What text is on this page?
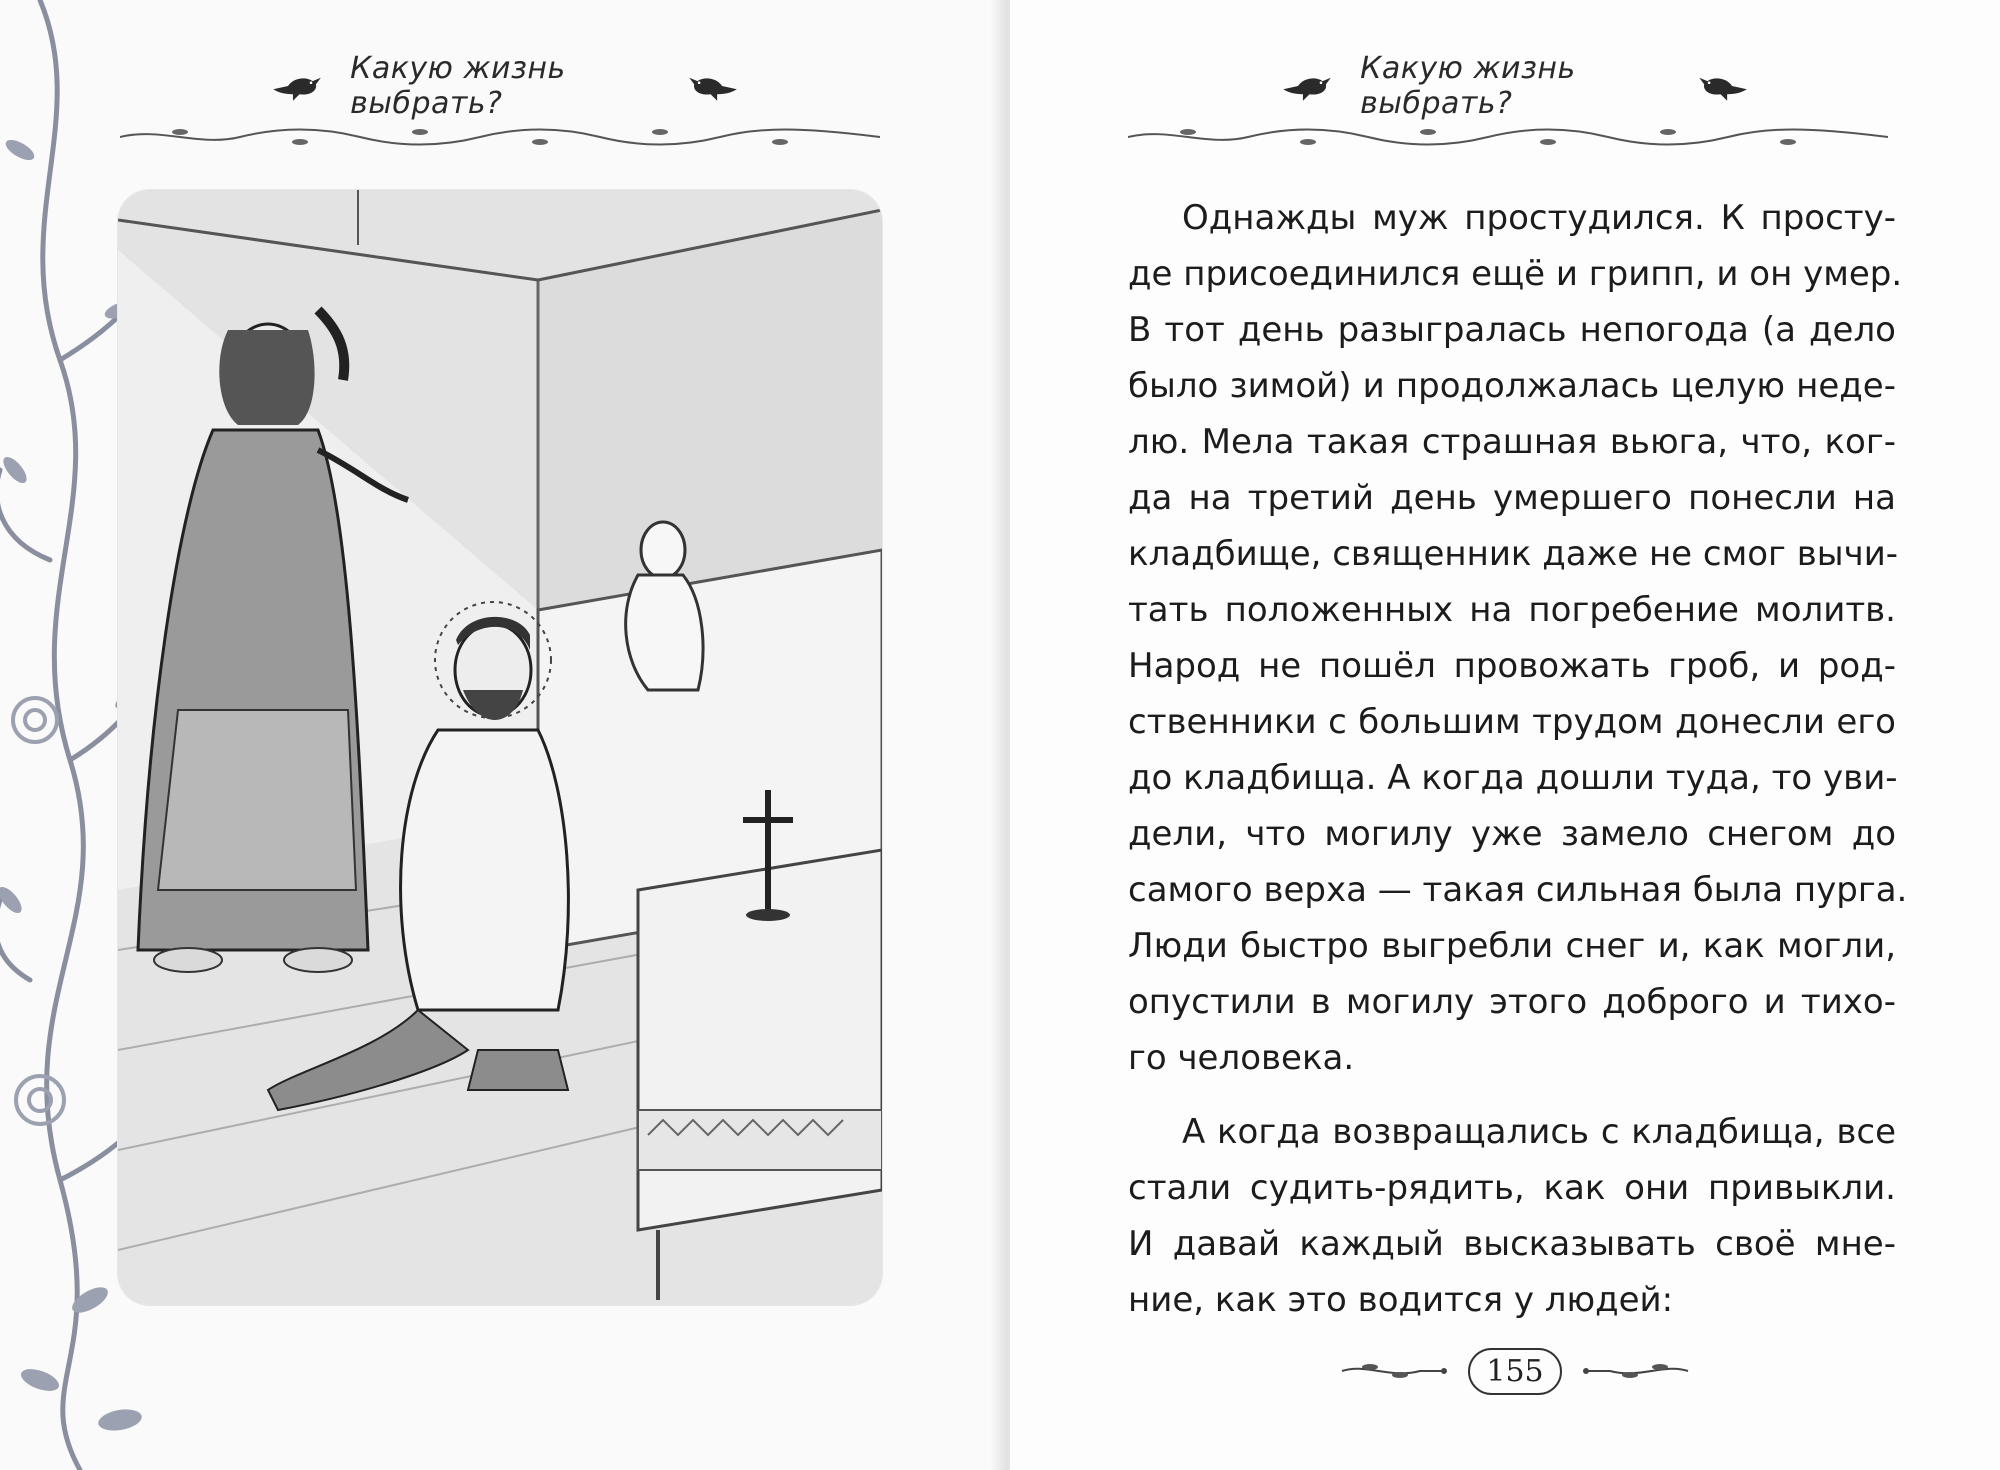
Какую жизнь выбрать?
Какую жизнь выбрать?

Однажды муж простудился. К просту-
де присоединился ещё и грипп, и он умер.
В тот день разыгралась непогода (а дело
было зимой) и продолжалась целую неде-
лю. Мела такая страшная вьюга, что, ког-
да на третий день умершего понесли на
кладбище, священник даже не смог вычи-
тать положенных на погребение молитв.
Народ не пошёл провожать гроб, и род-
ственники с большим трудом донесли его
до кладбища. А когда дошли туда, то уви-
дели, что могилу уже замело снегом до
самого верха — такая сильная была пурга.
Люди быстро выгребли снег и, как могли,
опустили в могилу этого доброго и тихо-
го человека.

А когда возвращались с кладбища, все
стали судить-рядить, как они привыкли.
И давай каждый высказывать своё мне-
ние, как это водится у людей:

155
